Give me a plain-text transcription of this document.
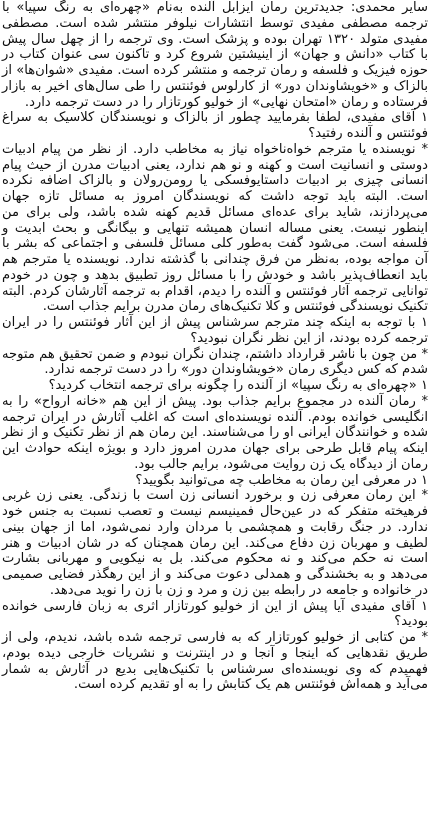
سایر محمدی: جدیدترین رمان ایزابل آلنده به‌نام «چهره‌ای به رنگ سپیا» با ترجمه مصطفی مفیدی توسط انتشارات نیلوفر منتشر شده است. مصطفی مفیدی متولد ۱۳۲۰ تهران بوده و پزشک است. وی ترجمه را از چهل سال پیش با کتاب «دانش و جهان» از اینیشتین شروع کرد و تاکنون سی عنوان کتاب در حوزه فیزیک و فلسفه و رمان ترجمه و منتشر کرده است. مفیدی «شوان‌ها» از بالزاک و «خویشاوندان دور» از کارلوس فوئنتس را طی سال‌های اخیر به بازار فرستاده و رمان «امتحان نهایی» از خولیو کورتازار را در دست ترجمه دارد.

۱ آقای مفیدی، لطفا بفرمایید چطور از بالزاک و نویسندگان کلاسیک به سراغ فوئنتس و آلنده رفتید؟

* نویسنده یا مترجم خواه‌ناخواه نیاز به مخاطب دارد. از نظر من پیام ادبیات دوستی و انسانیت است و کهنه و نو هم ندارد، یعنی ادبیات مدرن از حیث پیام انسانی چیزی بر ادبیات داستایوفسکی یا رومن‌رولان و بالزاک اضافه نکرده است. البته باید توجه داشت که نویسندگان امروز به مسائل تازه جهان می‌پردازند، شاید برای عده‌ای مسائل قدیم کهنه شده باشد، ولی برای من اینطور نیست. یعنی مساله انسان همیشه تنهایی و بیگانگی و بحث ابدیت و فلسفه است. می‌شود گفت به‌طور کلی مسائل فلسفی و اجتماعی که بشر با آن مواجه بوده، به‌نظر من فرق چندانی با گذشته ندارد. نویسنده یا مترجم هم باید انعطاف‌پذیر باشد و خودش را با مسائل روز تطبیق بدهد و چون در خودم توانایی ترجمه آثار فوئنتس و آلنده را دیدم، اقدام به ترجمه آثارشان کردم. البته تکنیک نویسندگی فوئنتس و کلا تکنیک‌های رمان مدرن برایم جذاب است.

۱ با توجه به اینکه چند مترجم سرشناس پیش از این آثار فوئنتس را در ایران ترجمه کرده بودند، از این نظر نگران نبودید؟

* من چون با ناشر قرارداد داشتم، چندان نگران نبودم و ضمن تحقیق هم متوجه شدم که کس دیگری رمان «خویشاوندان دور» را در دست ترجمه ندارد.

۱ «چهره‌ای به رنگ سپیا» از آلنده را چگونه برای ترجمه انتخاب کردید؟

* رمان آلنده در مجموع برایم جذاب بود. پیش از این هم «خانه ارواح» را به انگلیسی خوانده بودم. آلنده نویسنده‌ای است که اغلب آثارش در ایران ترجمه شده و خوانندگان ایرانی او را می‌شناسند. این رمان هم از نظر تکنیک و از نظر اینکه پیام قابل طرحی برای جهان مدرن امروز دارد و بویژه اینکه حوادث این رمان از دیدگاه یک زن روایت می‌شود، برایم جالب بود.

۱ در معرفی این رمان به مخاطب چه می‌توانید بگویید؟

* این رمان معرفی زن و برخورد انسانی زن است با زندگی. یعنی زن غربی فرهیخته متفکر که در عین‌حال فمینیسم نیست و تعصب نسبت به جنس خود ندارد. در جنگ رقابت و همچشمی با مردان وارد نمی‌شود، اما از جهان بینی لطیف و مهربان زن دفاع می‌کند. این رمان همچنان که در شان ادبیات و هنر است نه حکم می‌کند و نه محکوم می‌کند. بل به نیکویی و مهربانی بشارت می‌دهد و به بخشندگی و همدلی دعوت می‌کند و از این رهگذر فضایی صمیمی در خانواده و جامعه در رابطه بین زن و مرد و زن با زن را نوید می‌دهد.

۱ آقای مفیدی آیا پیش از این از خولیو کورتازار اثری به زبان فارسی خوانده بودید؟

* من کتابی از خولیو کورتازار که به فارسی ترجمه شده باشد، ندیدم، ولی از طریق نقدهایی که اینجا و آنجا و در اینترنت و نشریات خارجی دیده بودم، فهمیدم که وی نویسنده‌ای سرشناس با تکنیک‌هایی بدیع در آثارش به شمار می‌آید و همه‌اش فوئنتس هم یک کتابش را به او تقدیم کرده است.
